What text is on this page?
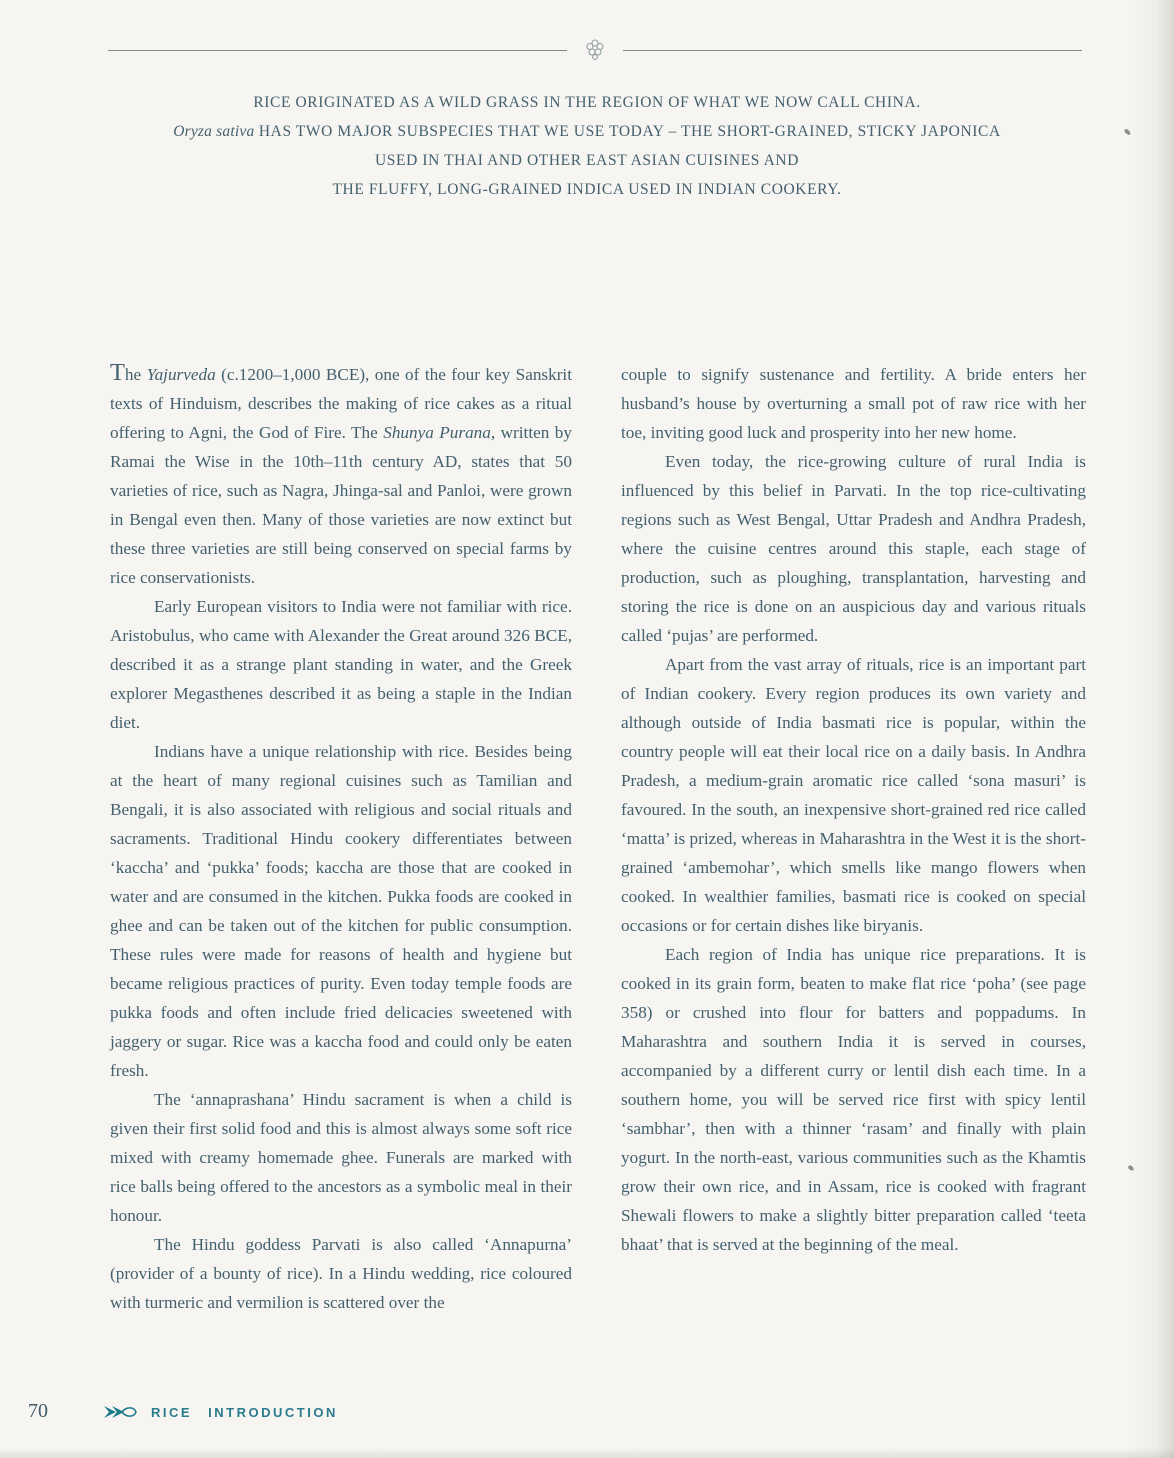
RICE ORIGINATED AS A WILD GRASS IN THE REGION OF WHAT WE NOW CALL CHINA.
Oryza sativa HAS TWO MAJOR SUBSPECIES THAT WE USE TODAY – THE SHORT-GRAINED, STICKY JAPONICA
USED IN THAI AND OTHER EAST ASIAN CUISINES AND
THE FLUFFY, LONG-GRAINED INDICA USED IN INDIAN COOKERY.

The Yajurveda (c.1200–1,000 BCE), one of the four key Sanskrit texts of Hinduism, describes the making of rice cakes as a ritual offering to Agni, the God of Fire. The Shunya Purana, written by Ramai the Wise in the 10th–11th century AD, states that 50 varieties of rice, such as Nagra, Jhinga-sal and Panloi, were grown in Bengal even then. Many of those varieties are now extinct but these three varieties are still being conserved on special farms by rice conservationists.

Early European visitors to India were not familiar with rice. Aristobulus, who came with Alexander the Great around 326 BCE, described it as a strange plant standing in water, and the Greek explorer Megasthenes described it as being a staple in the Indian diet.

Indians have a unique relationship with rice. Besides being at the heart of many regional cuisines such as Tamilian and Bengali, it is also associated with religious and social rituals and sacraments. Traditional Hindu cookery differentiates between ‘kaccha’ and ‘pukka’ foods; kaccha are those that are cooked in water and are consumed in the kitchen. Pukka foods are cooked in ghee and can be taken out of the kitchen for public consumption. These rules were made for reasons of health and hygiene but became religious practices of purity. Even today temple foods are pukka foods and often include fried delicacies sweetened with jaggery or sugar. Rice was a kaccha food and could only be eaten fresh.

The ‘annaprashana’ Hindu sacrament is when a child is given their first solid food and this is almost always some soft rice mixed with creamy homemade ghee. Funerals are marked with rice balls being offered to the ancestors as a symbolic meal in their honour.

The Hindu goddess Parvati is also called ‘Annapurna’ (provider of a bounty of rice). In a Hindu wedding, rice coloured with turmeric and vermilion is scattered over the

couple to signify sustenance and fertility. A bride enters her husband’s house by overturning a small pot of raw rice with her toe, inviting good luck and prosperity into her new home.

Even today, the rice-growing culture of rural India is influenced by this belief in Parvati. In the top rice-cultivating regions such as West Bengal, Uttar Pradesh and Andhra Pradesh, where the cuisine centres around this staple, each stage of production, such as ploughing, transplantation, harvesting and storing the rice is done on an auspicious day and various rituals called ‘pujas’ are performed.

Apart from the vast array of rituals, rice is an important part of Indian cookery. Every region produces its own variety and although outside of India basmati rice is popular, within the country people will eat their local rice on a daily basis. In Andhra Pradesh, a medium-grain aromatic rice called ‘sona masuri’ is favoured. In the south, an inexpensive short-grained red rice called ‘matta’ is prized, whereas in Maharashtra in the West it is the short-grained ‘ambemohar’, which smells like mango flowers when cooked. In wealthier families, basmati rice is cooked on special occasions or for certain dishes like biryanis.

Each region of India has unique rice preparations. It is cooked in its grain form, beaten to make flat rice ‘poha’ (see page 358) or crushed into flour for batters and poppadums. In Maharashtra and southern India it is served in courses, accompanied by a different curry or lentil dish each time. In a southern home, you will be served rice first with spicy lentil ‘sambhar’, then with a thinner ‘rasam’ and finally with plain yogurt. In the north-east, various communities such as the Khamtis grow their own rice, and in Assam, rice is cooked with fragrant Shewali flowers to make a slightly bitter preparation called ‘teeta bhaat’ that is served at the beginning of the meal.

70	RICE INTRODUCTION
